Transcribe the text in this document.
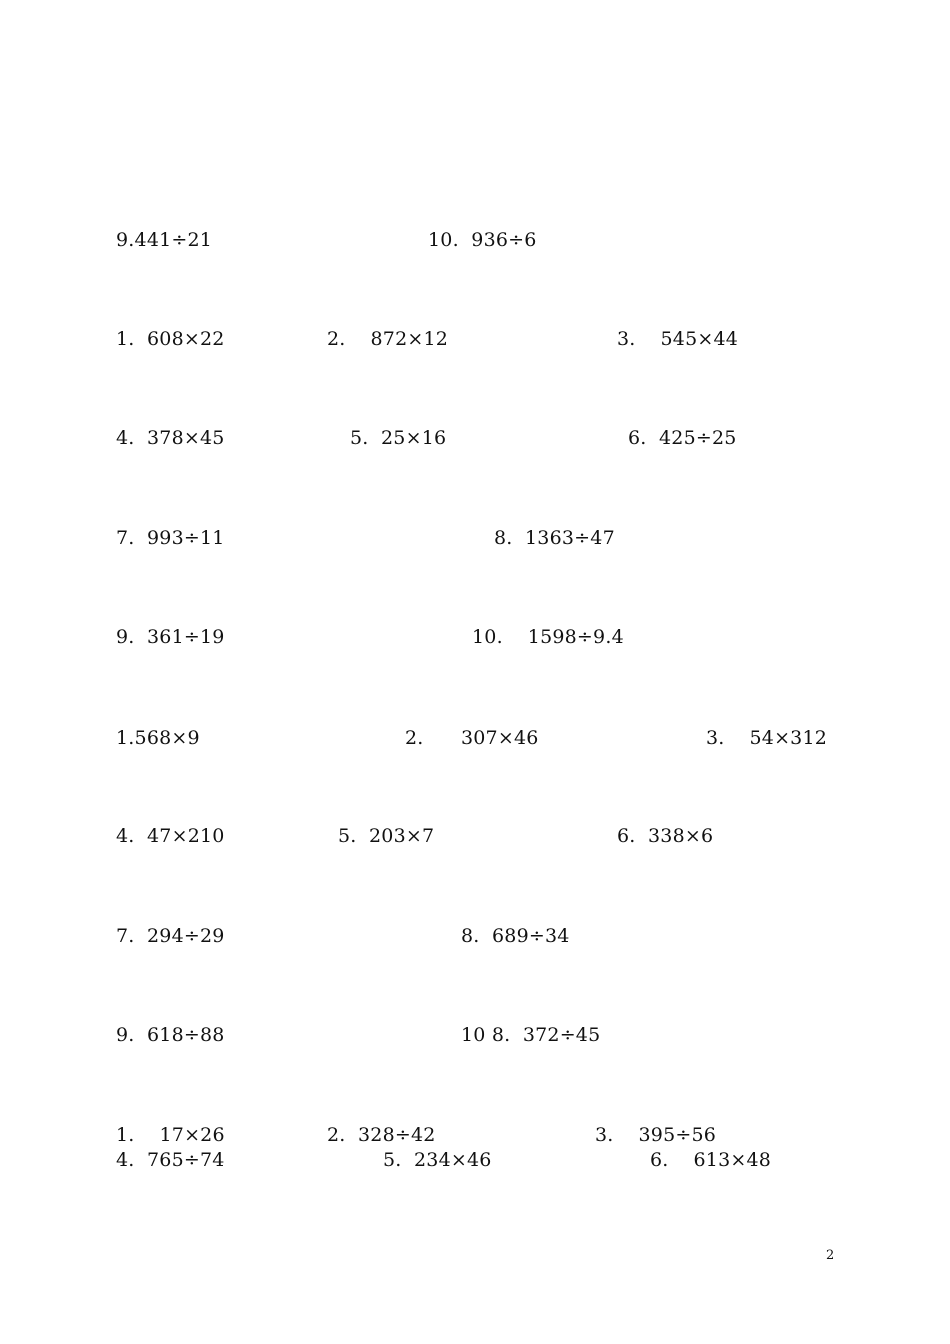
9.441÷21	10.  936÷6
1.  608×22	2.    872×12	3.    545×44
4.  378×45	5.  25×16	6.  425÷25
7.  993÷11	8.  1363÷47
9.  361÷19	10.    1598÷9.4
1.568×9	2.      307×46	3.    54×312
4.  47×210	5.  203×7	6.  338×6
7.  294÷29	8.  689÷34
9.  618÷88	10 8.  372÷45
1.    17×26	2.  328÷42	3.    395÷56
4.  765÷74	5.  234×46	6.    613×48
2
